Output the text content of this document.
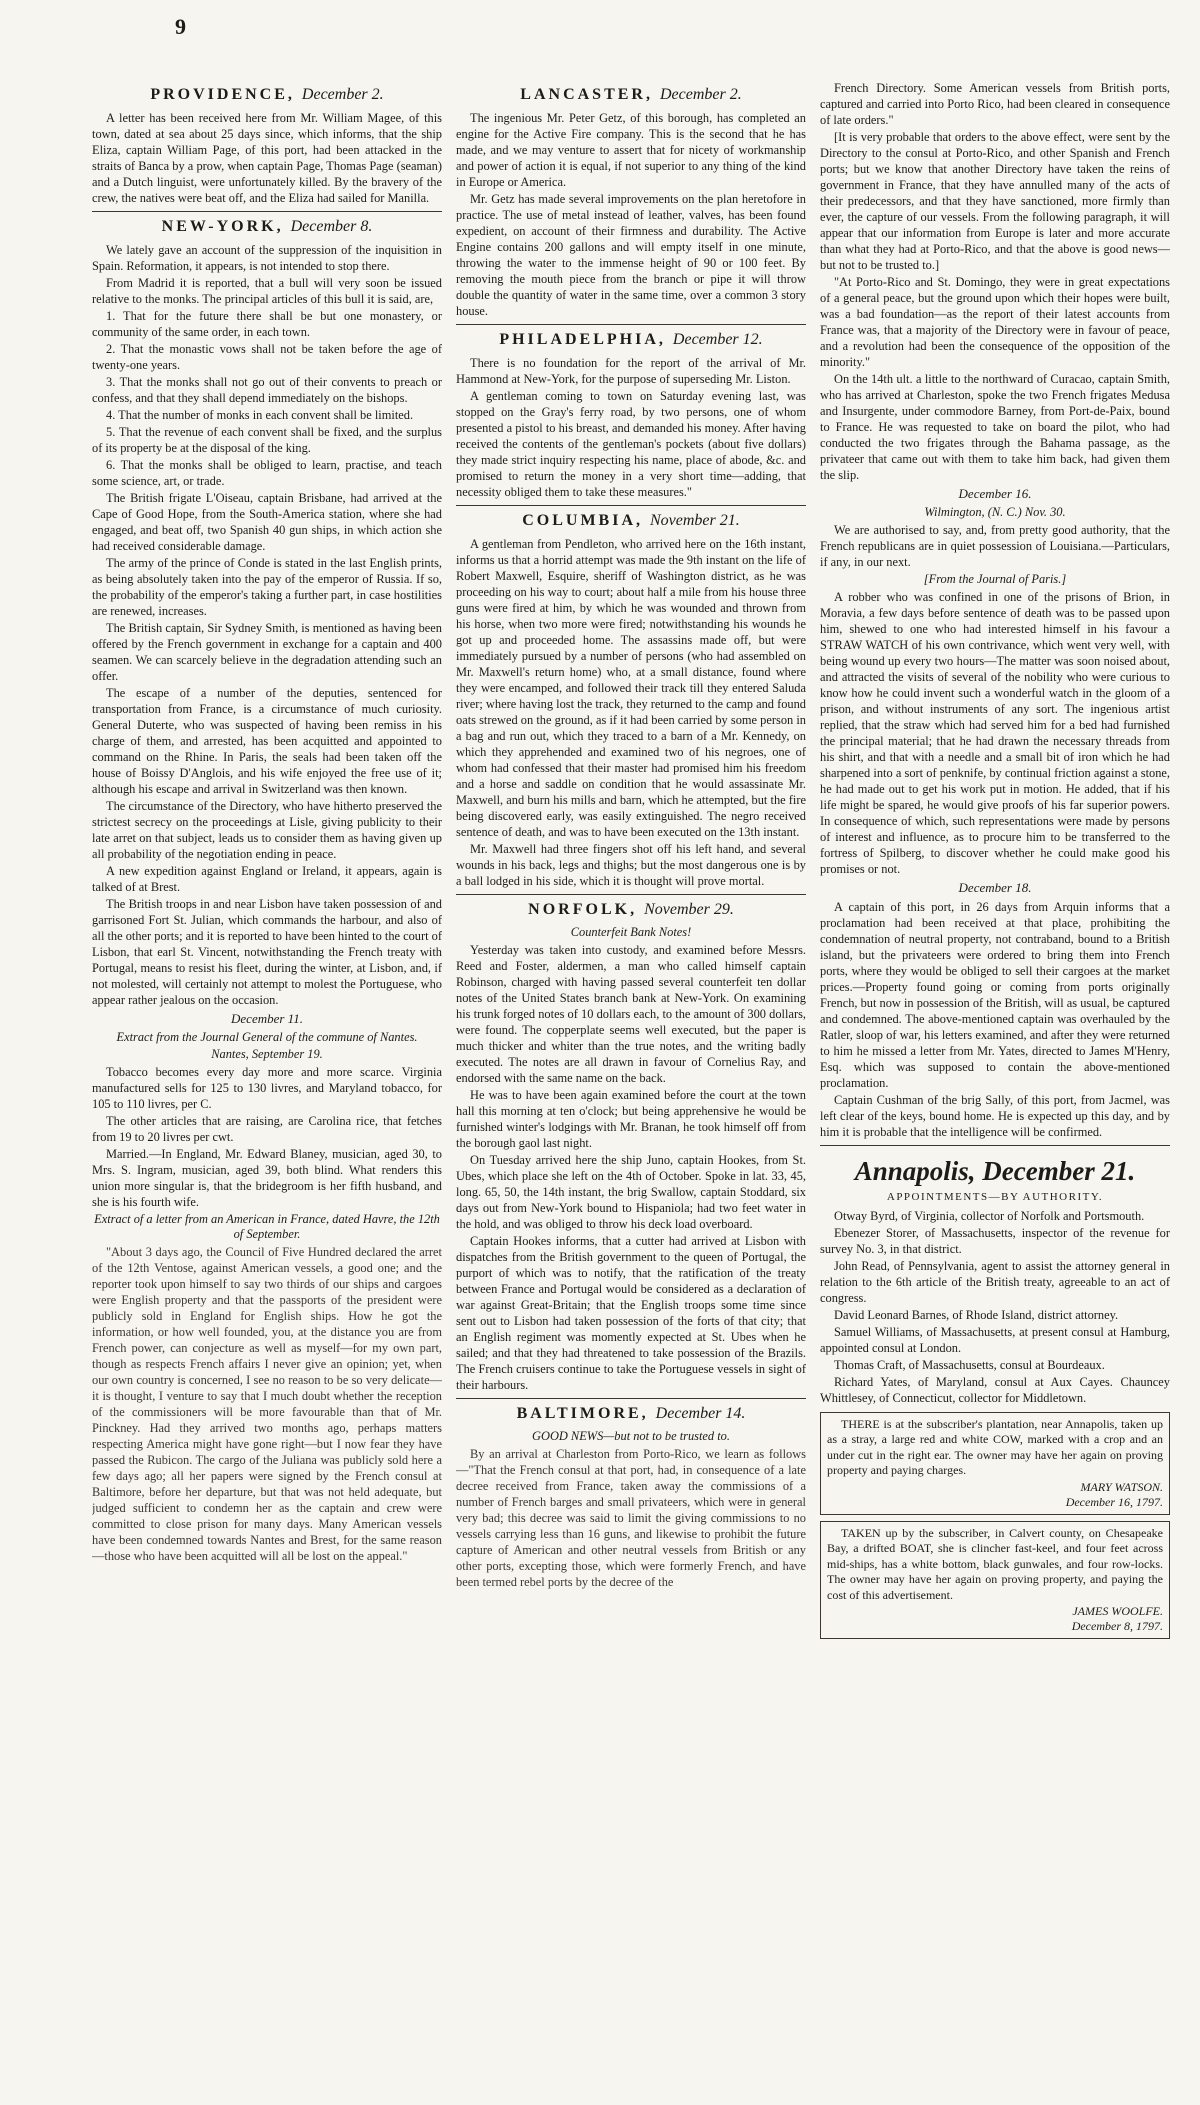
9
PROVIDENCE, December 2.

A letter has been received here from Mr. William Magee, of this town, dated at sea about 25 days since, which informs, that the ship Eliza, captain William Page, of this port, had been attacked in the straits of Banca by a prow, when captain Page, Thomas Page (seaman) and a Dutch linguist, were unfortunately killed. By the bravery of the crew, the natives were beat off, and the Eliza had sailed for Manilla.

NEW-YORK, December 8.

We lately gave an account of the suppression of the inquisition in Spain. Reformation, it appears, is not intended to stop there.

From Madrid it is reported, that a bull will very soon be issued relative to the monks. The principal articles of this bull it is said, are,

1. That for the future there shall be but one monastery, or community of the same order, in each town.

2. That the monastic vows shall not be taken before the age of twenty-one years.

3. That the monks shall not go out of their convents to preach or confess, and that they shall depend immediately on the bishops.

4. That the number of monks in each convent shall be limited.

5. That the revenue of each convent shall be fixed, and the surplus of its property be at the disposal of the king.

6. That the monks shall be obliged to learn, practise, and teach some science, art, or trade.

The British frigate L'Oiseau, captain Brisbane, had arrived at the Cape of Good Hope, from the South-America station, where she had engaged, and beat off, two Spanish 40 gun ships, in which action she had received considerable damage.

The army of the prince of Conde is stated in the last English prints, as being absolutely taken into the pay of the emperor of Russia. If so, the probability of the emperor's taking a further part, in case hostilities are renewed, increases.

The British captain, Sir Sydney Smith, is mentioned as having been offered by the French government in exchange for a captain and 400 seamen. We can scarcely believe in the degradation attending such an offer.

The escape of a number of the deputies, sentenced for transportation from France, is a circumstance of much curiosity. General Duterte, who was suspected of having been remiss in his charge of them, and arrested, has been acquitted and appointed to command on the Rhine. In Paris, the seals had been taken off the house of Boissy D'Anglois, and his wife enjoyed the free use of it; although his escape and arrival in Switzerland was then known.

The circumstance of the Directory, who have hitherto preserved the strictest secrecy on the proceedings at Lisle, giving publicity to their late arret on that subject, leads us to consider them as having given up all probability of the negotiation ending in peace.

A new expedition against England or Ireland, it appears, again is talked of at Brest.

The British troops in and near Lisbon have taken possession of and garrisoned Fort St. Julian, which commands the harbour, and also of all the other ports; and it is reported to have been hinted to the court of Lisbon, that earl St. Vincent, notwithstanding the French treaty with Portugal, means to resist his fleet, during the winter, at Lisbon, and, if not molested, will certainly not attempt to molest the Portuguese, who appear rather jealous on the occasion.

December 11.
Extract from the Journal General of the commune of Nantes.
Nantes, September 19.

Tobacco becomes every day more and more scarce. Virginia manufactured sells for 125 to 130 livres, and Maryland tobacco, for 105 to 110 livres, per C.

The other articles that are raising, are Carolina rice, that fetches from 19 to 20 livres per cwt.

Married.—In England, Mr. Edward Blaney, musician, aged 30, to Mrs. S. Ingram, musician, aged 39, both blind. What renders this union more singular is, that the bridegroom is her fifth husband, and she is his fourth wife.

Extract of a letter from an American in France, dated Havre, the 12th of September.

"About 3 days ago, the Council of Five Hundred declared the arret of the 12th Ventose, against American vessels, a good one; and the reporter took upon himself to say two thirds of our ships and cargoes were English property and that the passports of the president were publicly sold in England for English ships. How he got the information, or how well founded, you, at the distance you are from French power, can conjecture as well as myself—for my own part, though as respects French affairs I never give an opinion; yet, when our own country is concerned, I see no reason to be so very delicate—it is thought, I venture to say that I much doubt whether the reception of the commissioners will be more favourable than that of Mr. Pinckney. Had they arrived two months ago, perhaps matters respecting America might have gone right—but I now fear they have passed the Rubicon. The cargo of the Juliana was publicly sold here a few days ago; all her papers were signed by the French consul at Baltimore, before her departure, but that was not held adequate, but judged sufficient to condemn her as the captain and crew were committed to close prison for many days. Many American vessels have been condemned towards Nantes and Brest, for the same reason—those who have been acquitted will all be lost on the appeal."

LANCASTER, December 2.

The ingenious Mr. Peter Getz, of this borough, has completed an engine for the Active Fire company. This is the second that he has made, and we may venture to assert that for nicety of workmanship and power of action it is equal, if not superior to any thing of the kind in Europe or America.

Mr. Getz has made several improvements on the plan heretofore in practice. The use of metal instead of leather, valves, has been found expedient, on account of their firmness and durability. The Active Engine contains 200 gallons and will empty itself in one minute, throwing the water to the immense height of 90 or 100 feet. By removing the mouth piece from the branch or pipe it will throw double the quantity of water in the same time, over a common 3 story house.

PHILADELPHIA, December 12.

There is no foundation for the report of the arrival of Mr. Hammond at New-York, for the purpose of superseding Mr. Liston.

A gentleman coming to town on Saturday evening last, was stopped on the Gray's ferry road, by two persons, one of whom presented a pistol to his breast, and demanded his money. After having received the contents of the gentleman's pockets (about five dollars) they made strict inquiry respecting his name, place of abode, &c. and promised to return the money in a very short time—adding, that necessity obliged them to take these measures."

COLUMBIA, November 21.

A gentleman from Pendleton, who arrived here on the 16th instant, informs us that a horrid attempt was made the 9th instant on the life of Robert Maxwell, Esquire, sheriff of Washington district, as he was proceeding on his way to court; about half a mile from his house three guns were fired at him, by which he was wounded and thrown from his horse, when two more were fired; notwithstanding his wounds he got up and proceeded home. The assassins made off, but were immediately pursued by a number of persons (who had assembled on Mr. Maxwell's return home) who, at a small distance, found where they were encamped, and followed their track till they entered Saluda river; where having lost the track, they returned to the camp and found oats strewed on the ground, as if it had been carried by some person in a bag and run out, which they traced to a barn of a Mr. Kennedy, on which they apprehended and examined two of his negroes, one of whom had confessed that their master had promised him his freedom and a horse and saddle on condition that he would assassinate Mr. Maxwell, and burn his mills and barn, which he attempted, but the fire being discovered early, was easily extinguished. The negro received sentence of death, and was to have been executed on the 13th instant.

Mr. Maxwell had three fingers shot off his left hand, and several wounds in his back, legs and thighs; but the most dangerous one is by a ball lodged in his side, which it is thought will prove mortal.

NORFOLK, November 29.
Counterfeit Bank Notes!

Yesterday was taken into custody, and examined before Messrs. Reed and Foster, aldermen, a man who called himself captain Robinson, charged with having passed several counterfeit ten dollar notes of the United States branch bank at New-York. On examining his trunk forged notes of 10 dollars each, to the amount of 300 dollars, were found. The copperplate seems well executed, but the paper is much thicker and whiter than the true notes, and the writing badly executed. The notes are all drawn in favour of Cornelius Ray, and endorsed with the same name on the back.

He was to have been again examined before the court at the town hall this morning at ten o'clock; but being apprehensive he would be furnished winter's lodgings with Mr. Branan, he took himself off from the borough gaol last night.

On Tuesday arrived here the ship Juno, captain Hookes, from St. Ubes, which place she left on the 4th of October. Spoke in lat. 33, 45, long. 65, 50, the 14th instant, the brig Swallow, captain Stoddard, six days out from New-York bound to Hispaniola; had two feet water in the hold, and was obliged to throw his deck load overboard.

Captain Hookes informs, that a cutter had arrived at Lisbon with dispatches from the British government to the queen of Portugal, the purport of which was to notify, that the ratification of the treaty between France and Portugal would be considered as a declaration of war against Great-Britain; that the English troops some time since sent out to Lisbon had taken possession of the forts of that city; that an English regiment was momently expected at St. Ubes when he sailed; and that they had threatened to take possession of the Brazils. The French cruisers continue to take the Portuguese vessels in sight of their harbours.

BALTIMORE, December 14.
GOOD NEWS—but not to be trusted to.

By an arrival at Charleston from Porto-Rico, we learn as follows—"That the French consul at that port, had, in consequence of a late decree received from France, taken away the commissions of a number of French barges and small privateers, which were in general very bad; this decree was said to limit the giving commissions to no vessels carrying less than 16 guns, and likewise to prohibit the future capture of American and other neutral vessels from British or any other ports, excepting those, which were formerly French, and have been termed rebel ports by the decree of the

French Directory. Some American vessels from British ports, captured and carried into Porto Rico, had been cleared in consequence of late orders."

[It is very probable that orders to the above effect, were sent by the Directory to the consul at Porto-Rico, and other Spanish and French ports; but we know that another Directory have taken the reins of government in France, that they have annulled many of the acts of their predecessors, and that they have sanctioned, more firmly than ever, the capture of our vessels. From the following paragraph, it will appear that our information from Europe is later and more accurate than what they had at Porto-Rico, and that the above is good news—but not to be trusted to.]

"At Porto-Rico and St. Domingo, they were in great expectations of a general peace, but the ground upon which their hopes were built, was a bad foundation—as the report of their latest accounts from France was, that a majority of the Directory were in favour of peace, and a revolution had been the consequence of the opposition of the minority."

On the 14th ult. a little to the northward of Curacao, captain Smith, who has arrived at Charleston, spoke the two French frigates Medusa and Insurgente, under commodore Barney, from Port-de-Paix, bound to France. He was requested to take on board the pilot, who had conducted the two frigates through the Bahama passage, as the privateer that came out with them to take him back, had given them the slip.

December 16.
Wilmington, (N. C.) Nov. 30.

We are authorised to say, and, from pretty good authority, that the French republicans are in quiet possession of Louisiana.—Particulars, if any, in our next.

[From the Journal of Paris.]

A robber who was confined in one of the prisons of Brion, in Moravia, a few days before sentence of death was to be passed upon him, shewed to one who had interested himself in his favour a STRAW WATCH of his own contrivance, which went very well, with being wound up every two hours—The matter was soon noised about, and attracted the visits of several of the nobility who were curious to know how he could invent such a wonderful watch in the gloom of a prison, and without instruments of any sort. The ingenious artist replied, that the straw which had served him for a bed had furnished the principal material; that he had drawn the necessary threads from his shirt, and that with a needle and a small bit of iron which he had sharpened into a sort of penknife, by continual friction against a stone, he had made out to get his work put in motion. He added, that if his life might be spared, he would give proofs of his far superior powers. In consequence of which, such representations were made by persons of interest and influence, as to procure him to be transferred to the fortress of Spilberg, to discover whether he could make good his promises or not.

December 18.

A captain of this port, in 26 days from Arquin informs that a proclamation had been received at that place, prohibiting the condemnation of neutral property, not contraband, bound to a British island, but the privateers were ordered to bring them into French ports, where they would be obliged to sell their cargoes at the market prices.—Property found going or coming from ports originally French, but now in possession of the British, will as usual, be captured and condemned. The above-mentioned captain was overhauled by the Ratler, sloop of war, his letters examined, and after they were returned to him he missed a letter from Mr. Yates, directed to James M'Henry, Esq. which was supposed to contain the above-mentioned proclamation.

Captain Cushman of the brig Sally, of this port, from Jacmel, was left clear of the keys, bound home. He is expected up this day, and by him it is probable that the intelligence will be confirmed.

Annapolis, December 21.
APPOINTMENTS—BY AUTHORITY.

Otway Byrd, of Virginia, collector of Norfolk and Portsmouth.

Ebenezer Storer, of Massachusetts, inspector of the revenue for survey No. 3, in that district.

John Read, of Pennsylvania, agent to assist the attorney general in relation to the 6th article of the British treaty, agreeable to an act of congress.

David Leonard Barnes, of Rhode Island, district attorney.

Samuel Williams, of Massachusetts, at present consul at Hamburg, appointed consul at London.

Thomas Craft, of Massachusetts, consul at Bourdeaux.

Richard Yates, of Maryland, consul at Aux Cayes. Chauncey Whittlesey, of Connecticut, collector for Middletown.

THERE is at the subscriber's plantation, near Annapolis, taken up as a stray, a large red and white COW, marked with a crop and an under cut in the right ear. The owner may have her again on proving property and paying charges.

MARY WATSON.
December 16, 1797.

TAKEN up by the subscriber, in Calvert county, on Chesapeake Bay, a drifted BOAT, she is clincher fast-keel, and four feet across mid-ships, has a white bottom, black gunwales, and four row-locks. The owner may have her again on proving property, and paying the cost of this advertisement.

JAMES WOOLFE.
December 8, 1797.
